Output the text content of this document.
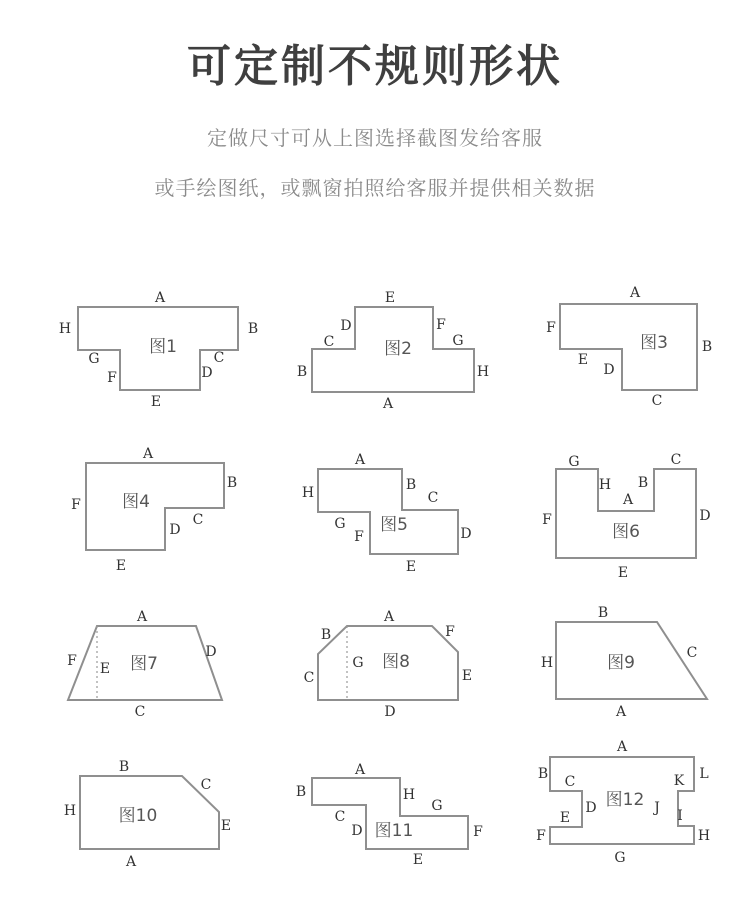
可定制不规则形状
定做尺寸可从上图选择截图发给客服
或手绘图纸，或飘窗拍照给客服并提供相关数据
图1
A
B
C
D
E
F
G
H
图2
A
B
C
D
E
F
G
H
图3
A
B
C
D
E
F
图4
A
B
C
D
E
F
图5
A
B
C
D
E
F
G
H
图6
A
B
C
D
E
F
G
H
图7
A
C
D
E
F	图8
A
B
C
D
E
F
G	图9
A
B
C
H
图10
A
B
C
E
H
图11
A
B
C
D
E
F
G
H	图12
A
B C
D
E
F
G
H
I
J
K L
